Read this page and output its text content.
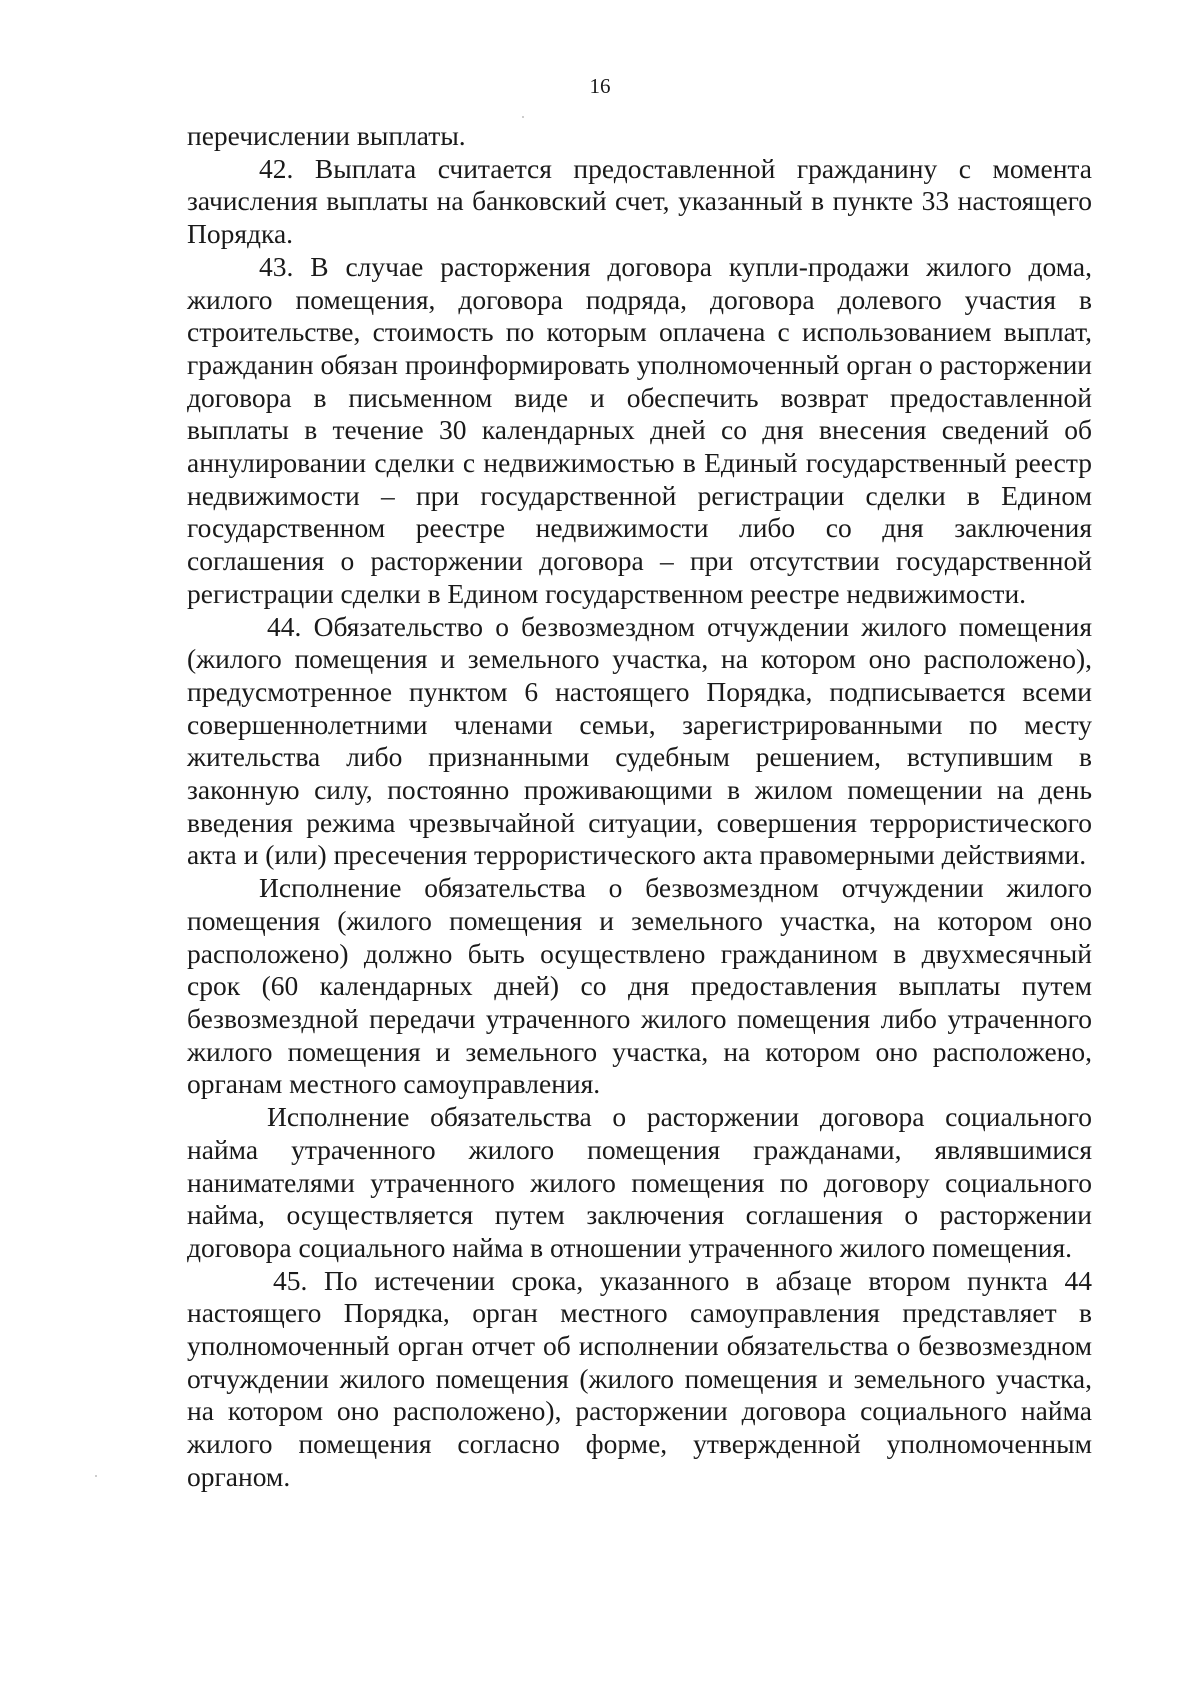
16

перечислении выплаты.

42. Выплата считается предоставленной гражданину с момента зачисления выплаты на банковский счет, указанный в пункте 33 настоящего Порядка.

43. В случае расторжения договора купли-продажи жилого дома, жилого помещения, договора подряда, договора долевого участия в строительстве, стоимость по которым оплачена с использованием выплат, гражданин обязан проинформировать уполномоченный орган о расторжении договора в письменном виде и обеспечить возврат предоставленной выплаты в течение 30 календарных дней со дня внесения сведений об аннулировании сделки с недвижимостью в Единый государственный реестр недвижимости – при государственной регистрации сделки в Едином государственном реестре недвижимости либо со дня заключения соглашения о расторжении договора – при отсутствии государственной регистрации сделки в Едином государственном реестре недвижимости.

44. Обязательство о безвозмездном отчуждении жилого помещения (жилого помещения и земельного участка, на котором оно расположено), предусмотренное пунктом 6 настоящего Порядка, подписывается всеми совершеннолетними членами семьи, зарегистрированными по месту жительства либо признанными судебным решением, вступившим в законную силу, постоянно проживающими в жилом помещении на день введения режима чрезвычайной ситуации, совершения террористического акта и (или) пресечения террористического акта правомерными действиями.

Исполнение обязательства о безвозмездном отчуждении жилого помещения (жилого помещения и земельного участка, на котором оно расположено) должно быть осуществлено гражданином в двухмесячный срок (60 календарных дней) со дня предоставления выплаты путем безвозмездной передачи утраченного жилого помещения либо утраченного жилого помещения и земельного участка, на котором оно расположено, органам местного самоуправления.

Исполнение обязательства о расторжении договора социального найма утраченного жилого помещения гражданами, являвшимися нанимателями утраченного жилого помещения по договору социального найма, осуществляется путем заключения соглашения о расторжении договора социального найма в отношении утраченного жилого помещения.

45. По истечении срока, указанного в абзаце втором пункта 44 настоящего Порядка, орган местного самоуправления представляет в уполномоченный орган отчет об исполнении обязательства о безвозмездном отчуждении жилого помещения (жилого помещения и земельного участка, на котором оно расположено), расторжении договора социального найма жилого помещения согласно форме, утвержденной уполномоченным органом.
